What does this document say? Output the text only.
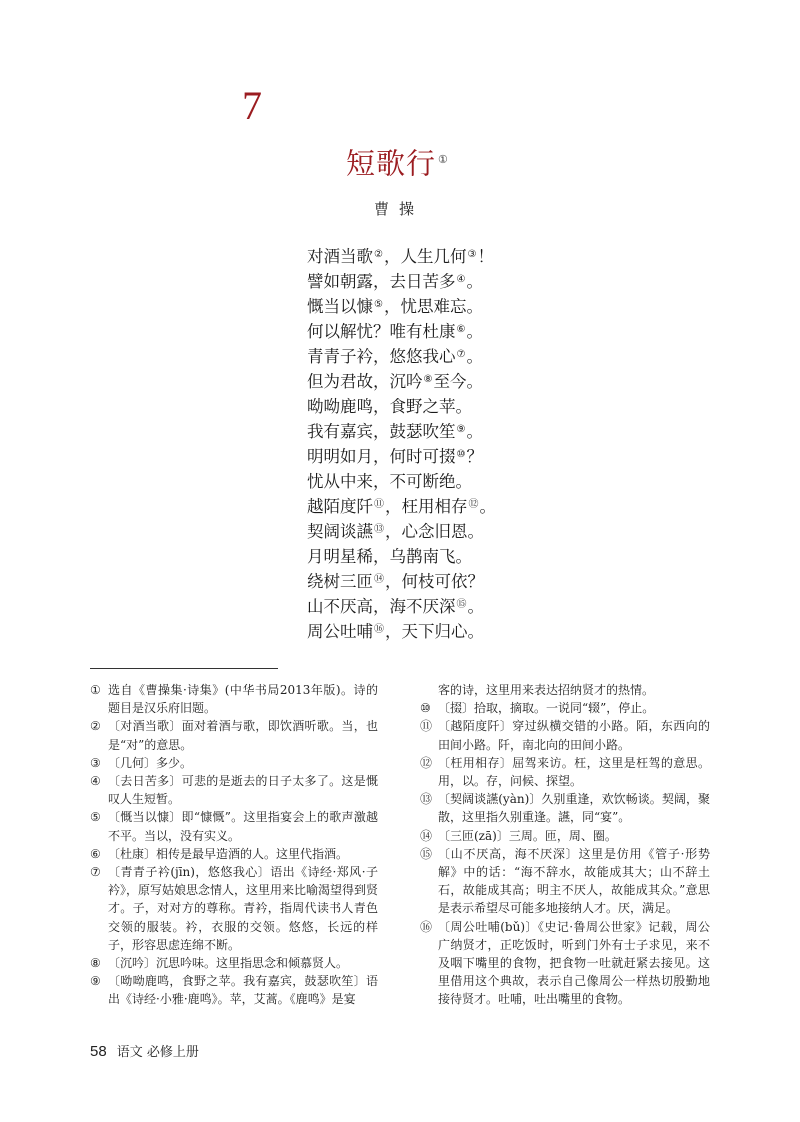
7
短歌行 ①
曹操
对酒当歌②，人生几何③！
譬如朝露，去日苦多④。
慨当以慷⑤，忧思难忘。
何以解忧？唯有杜康⑥。
青青子衿，悠悠我心⑦。
但为君故，沉吟⑧至今。
呦呦鹿鸣，食野之苹。
我有嘉宾，鼓瑟吹笙⑨。
明明如月，何时可掇⑩？
忧从中来，不可断绝。
越陌度阡⑪，枉用相存⑫。
契阔谈讌⑬，心念旧恩。
月明星稀，乌鹊南飞。
绕树三匝⑭，何枝可依？
山不厌高，海不厌深⑮。
周公吐哺⑯，天下归心。
① 选自《曹操集·诗集》(中华书局2013年版)。诗的题目是汉乐府旧题。
② 〔对酒当歌〕面对着酒与歌，即饮酒听歌。当，也是“对”的意思。
③ 〔几何〕多少。
④ 〔去日苦多〕可悲的是逝去的日子太多了。这是慨叹人生短暂。
⑤ 〔慨当以慷〕即“慷慨”。这里指宴会上的歌声激越不平。当以，没有实义。
⑥ 〔杜康〕相传是最早造酒的人。这里代指酒。
⑦ 〔青青子衿(jīn)，悠悠我心〕语出《诗经·郑风·子衿》，原写姑娘思念情人，这里用来比喻渴望得到贤才。子，对对方的尊称。青衿，指周代读书人青色交领的服装。衿，衣服的交领。悠悠，长远的样子，形容思虑连绵不断。
⑧ 〔沉吟〕沉思吟味。这里指思念和倾慕贤人。
⑨ 〔呦呦鹿鸣，食野之苹。我有嘉宾，鼓瑟吹笙〕语出《诗经·小雅·鹿鸣》。苹，艾蒿。《鹿鸣》是宴
客的诗，这里用来表达招纳贤才的热情。
⑩ 〔掇〕拾取，摘取。一说同“辍”，停止。
⑪ 〔越陌度阡〕穿过纵横交错的小路。陌，东西向的田间小路。阡，南北向的田间小路。
⑫ 〔枉用相存〕屈驾来访。枉，这里是枉驾的意思。用，以。存，问候、探望。
⑬ 〔契阔谈讌(yàn)〕久别重逢，欢饮畅谈。契阔，聚散，这里指久别重逢。讌，同“宴”。
⑭ 〔三匝(zā)〕三周。匝，周、圈。
⑮ 〔山不厌高，海不厌深〕这里是仿用《管子·形势解》中的话：“海不辞水，故能成其大；山不辞土石，故能成其高；明主不厌人，故能成其众。”意思是表示希望尽可能多地接纳人才。厌，满足。
⑯ 〔周公吐哺(bǔ)〕《史记·鲁周公世家》记载，周公广纳贤才，正吃饭时，听到门外有士子求见，来不及咽下嘴里的食物，把食物一吐就赶紧去接见。这里借用这个典故，表示自己像周公一样热切殷勤地接待贤才。吐哺，吐出嘴里的食物。
58 语文 必修上册
